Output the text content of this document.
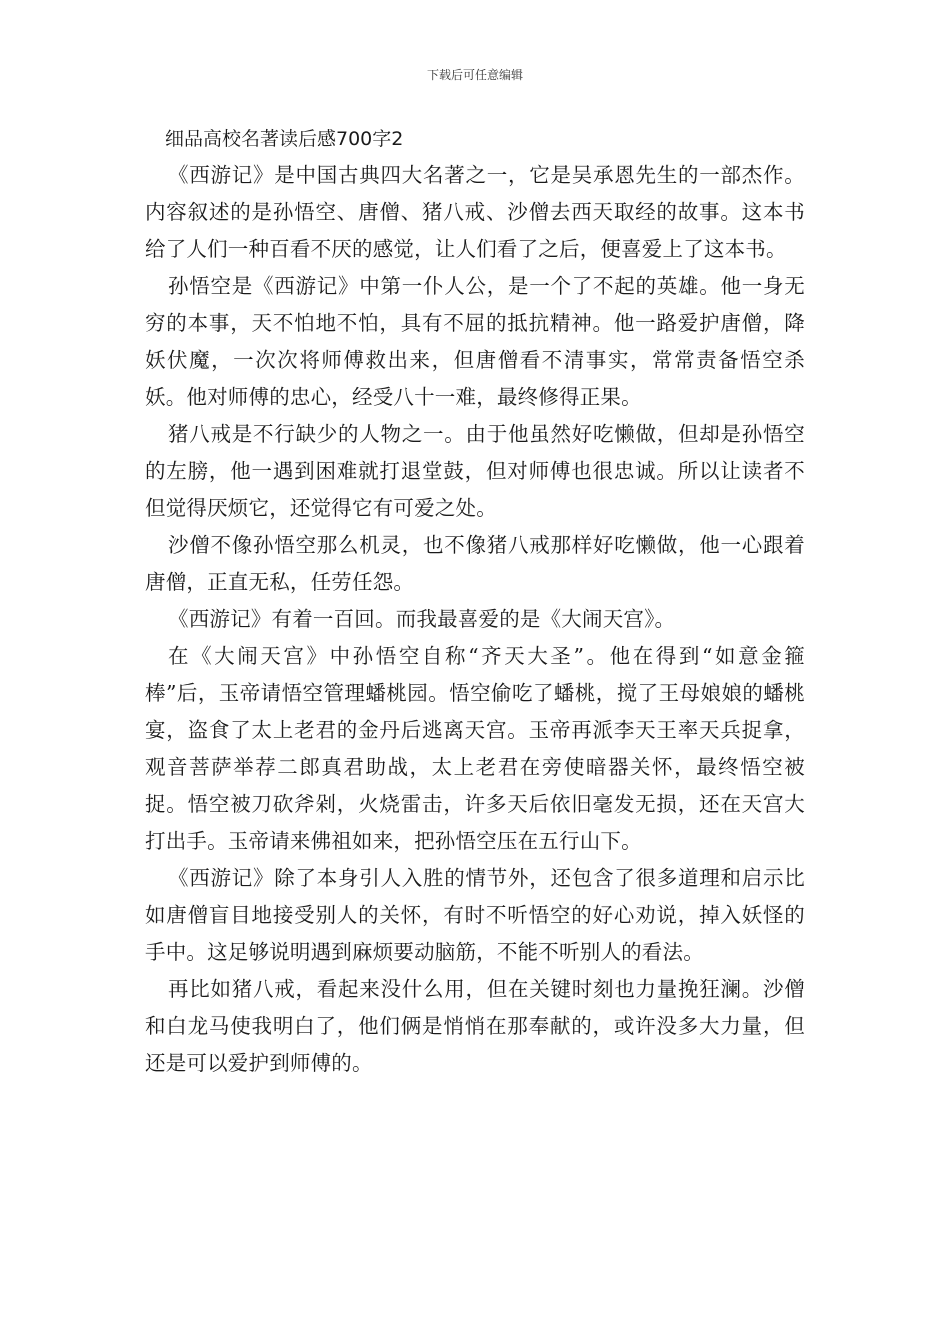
下载后可任意编辑
细品高校名著读后感700字2

《西游记》是中国古典四大名著之一，它是吴承恩先生的一部杰作。内容叙述的是孙悟空、唐僧、猪八戒、沙僧去西天取经的故事。这本书给了人们一种百看不厌的感觉，让人们看了之后，便喜爱上了这本书。

孙悟空是《西游记》中第一仆人公，是一个了不起的英雄。他一身无穷的本事，天不怕地不怕，具有不屈的抵抗精神。他一路爱护唐僧，降妖伏魔，一次次将师傅救出来，但唐僧看不清事实，常常责备悟空杀妖。他对师傅的忠心，经受八十一难，最终修得正果。

猪八戒是不行缺少的人物之一。由于他虽然好吃懒做，但却是孙悟空的左膀，他一遇到困难就打退堂鼓，但对师傅也很忠诚。所以让读者不但觉得厌烦它，还觉得它有可爱之处。

沙僧不像孙悟空那么机灵，也不像猪八戒那样好吃懒做，他一心跟着唐僧，正直无私，任劳任怨。

《西游记》有着一百回。而我最喜爱的是《大闹天宫》。

在《大闹天宫》中孙悟空自称“齐天大圣”。他在得到“如意金箍棒”后，玉帝请悟空管理蟠桃园。悟空偷吃了蟠桃，搅了王母娘娘的蟠桃宴，盗食了太上老君的金丹后逃离天宫。玉帝再派李天王率天兵捉拿，观音菩萨举荐二郎真君助战，太上老君在旁使暗器关怀，最终悟空被捉。悟空被刀砍斧剁，火烧雷击，许多天后依旧毫发无损，还在天宫大打出手。玉帝请来佛祖如来，把孙悟空压在五行山下。

《西游记》除了本身引人入胜的情节外，还包含了很多道理和启示比如唐僧盲目地接受别人的关怀，有时不听悟空的好心劝说，掉入妖怪的手中。这足够说明遇到麻烦要动脑筋，不能不听别人的看法。

再比如猪八戒，看起来没什么用，但在关键时刻也力量挽狂澜。沙僧和白龙马使我明白了，他们俩是悄悄在那奉献的，或许没多大力量，但还是可以爱护到师傅的。
